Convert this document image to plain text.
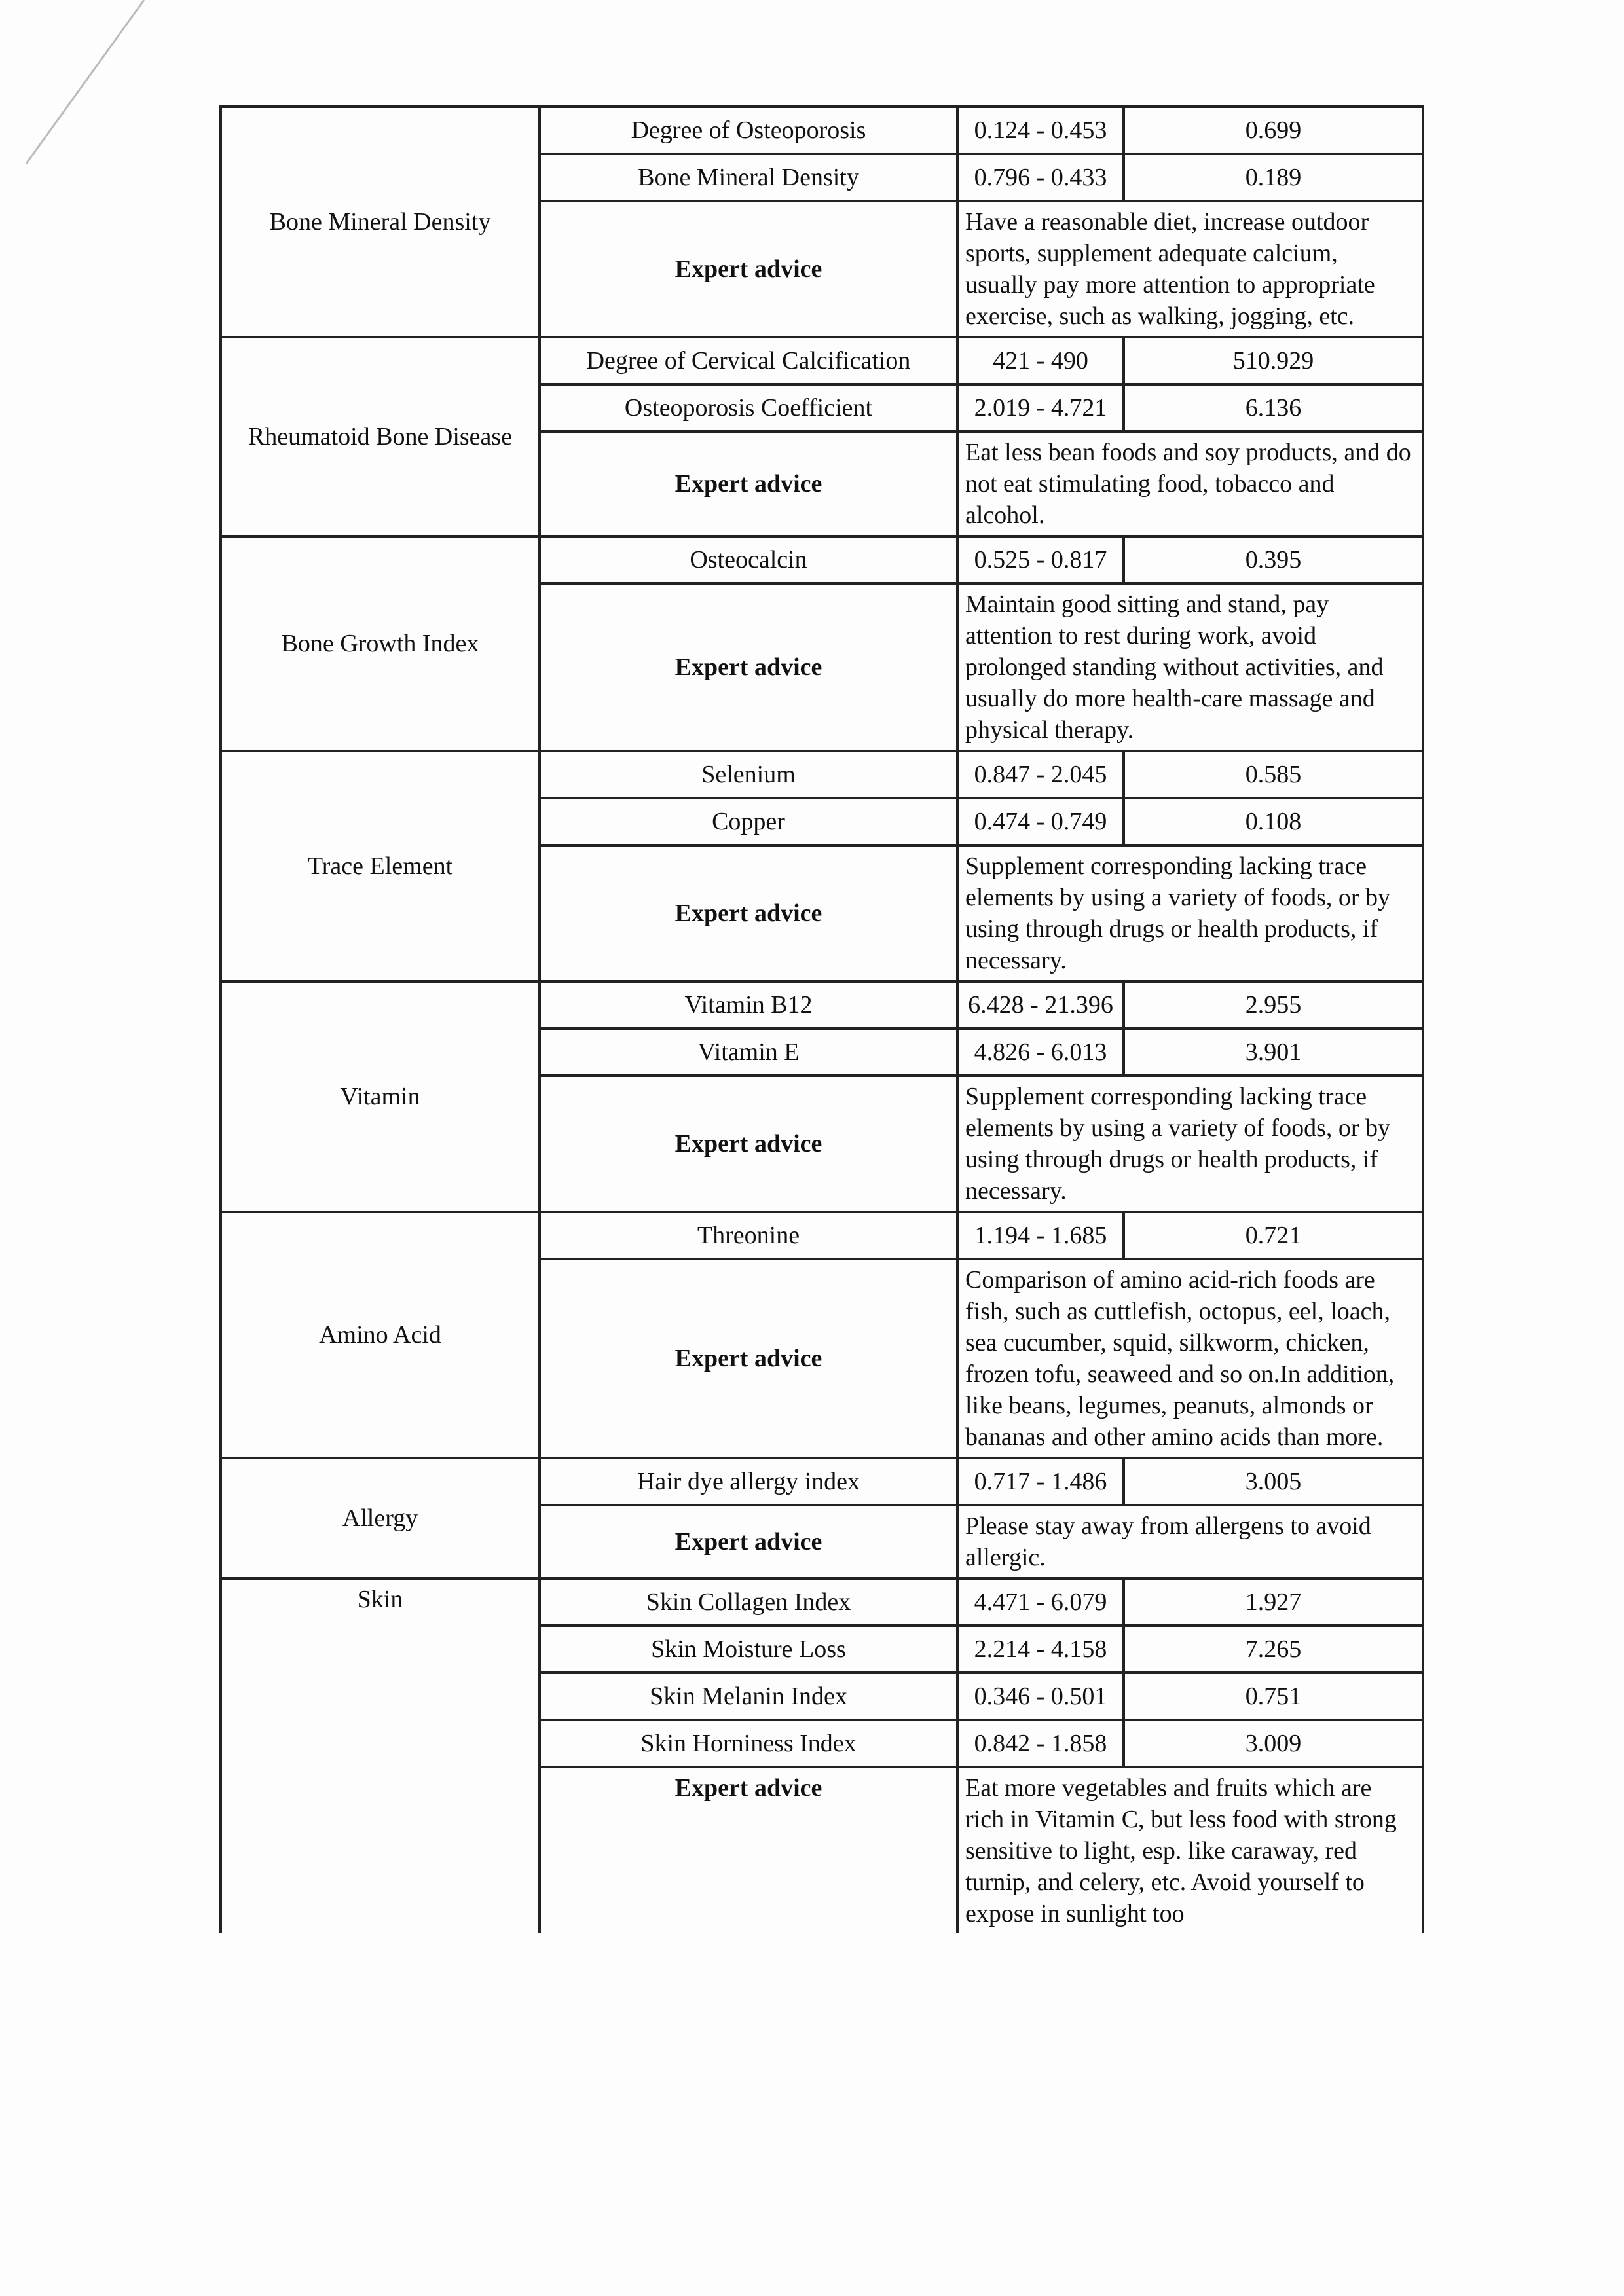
Bone Mineral Density	Degree of Osteoporosis	0.124 - 0.453	0.699
	Bone Mineral Density	0.796 - 0.433	0.189
	Expert advice	Have a reasonable diet, increase outdoor sports, supplement adequate calcium, usually pay more attention to appropriate exercise, such as walking, jogging, etc.	
Rheumatoid Bone Disease	Degree of Cervical Calcification	421 - 490	510.929
	Osteoporosis Coefficient	2.019 - 4.721	6.136
	Expert advice	Eat less bean foods and soy products, and do not eat stimulating food, tobacco and alcohol.	
Bone Growth Index	Osteocalcin	0.525 - 0.817	0.395
	Expert advice	Maintain good sitting and stand, pay attention to rest during work, avoid prolonged standing without activities, and usually do more health-care massage and physical therapy.	
Trace Element	Selenium	0.847 - 2.045	0.585
	Copper	0.474 - 0.749	0.108
	Expert advice	Supplement corresponding lacking trace elements by using a variety of foods, or by using through drugs or health products, if necessary.	
Vitamin	Vitamin B12	6.428 - 21.396	2.955
	Vitamin E	4.826 - 6.013	3.901
	Expert advice	Supplement corresponding lacking trace elements by using a variety of foods, or by using through drugs or health products, if necessary.	
Amino Acid	Threonine	1.194 - 1.685	0.721
	Expert advice	Comparison of amino acid-rich foods are fish, such as cuttlefish, octopus, eel, loach, sea cucumber, squid, silkworm, chicken, frozen tofu, seaweed and so on.In addition, like beans, legumes, peanuts, almonds or bananas and other amino acids than more.	
Allergy	Hair dye allergy index	0.717 - 1.486	3.005
	Expert advice	Please stay away from allergens to avoid allergic.	
Skin	Skin Collagen Index	4.471 - 6.079	1.927
	Skin Moisture Loss	2.214 - 4.158	7.265
	Skin Melanin Index	0.346 - 0.501	0.751
	Skin Horniness Index	0.842 - 1.858	3.009
	Expert advice	Eat more vegetables and fruits which are rich in Vitamin C, but less food with strong sensitive to light, esp. like caraway, red turnip, and celery, etc. Avoid yourself to expose in sunlight too	
